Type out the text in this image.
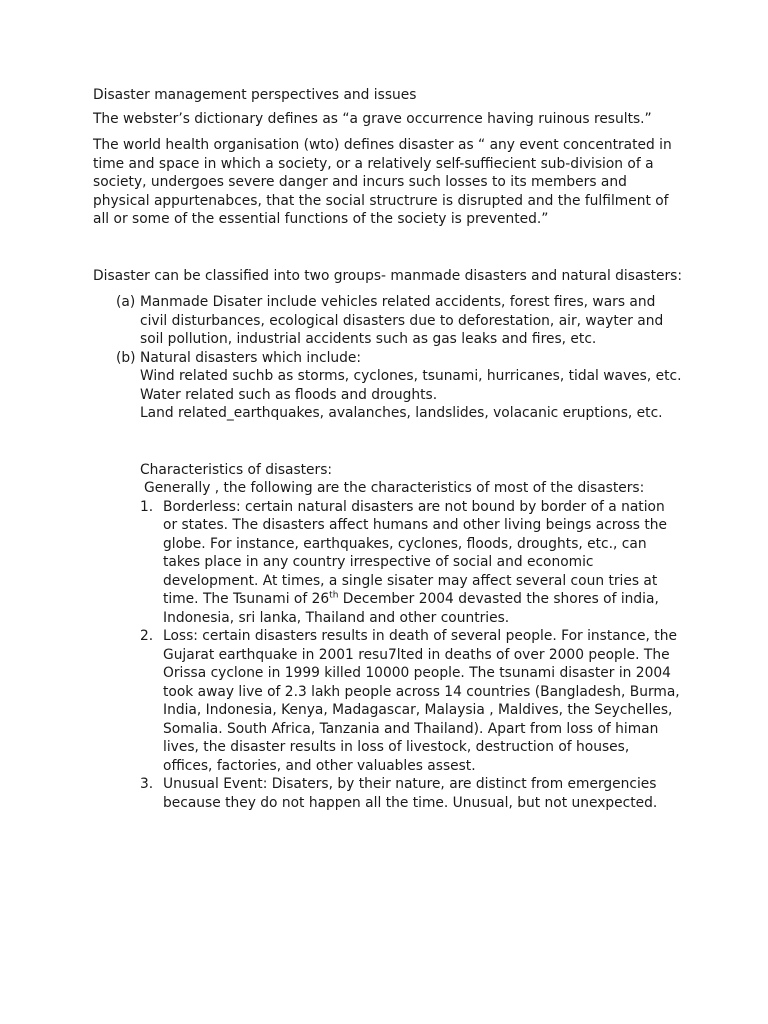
Disaster management perspectives and issues

The webster’s dictionary defines as “a grave occurrence having ruinous results.”

The world health organisation (wto) defines disaster as “ any event concentrated in time and space in which a society, or a relatively self-suffiecient sub-division of a society, undergoes severe danger and incurs such losses to its members and physical appurtenabces, that the social structrure is disrupted and the fulfilment of all or some of the essential functions of the society is prevented.”

Disaster can be classified into two groups- manmade disasters and natural disasters:

(a) Manmade Disater include vehicles related accidents, forest fires, wars and civil disturbances, ecological disasters due to deforestation, air, wayter and soil pollution, industrial accidents such as gas leaks and fires, etc.
(b) Natural disasters which include:
Wind related suchb as storms, cyclones, tsunami, hurricanes, tidal waves, etc.
Water related such as floods and droughts.
Land related_earthquakes, avalanches, landslides, volacanic eruptions, etc.
Characteristics of disasters:
Generally , the following are the characteristics of most of the disasters:
1. Borderless: certain natural disasters are not bound by border of a nation or states. The disasters affect humans and other living beings across the globe. For instance, earthquakes, cyclones, floods, droughts, etc., can takes place in any country irrespective of social and economic development. At times, a single sisater may affect several coun tries at time. The Tsunami of 26th December 2004 devasted the shores of india, Indonesia, sri lanka, Thailand and other countries.
2. Loss: certain disasters results in death of several people. For instance, the Gujarat earthquake in 2001 resu7lted in deaths of over 2000 people. The Orissa cyclone in 1999 killed 10000 people. The tsunami disaster in 2004 took away live of 2.3 lakh people across 14 countries (Bangladesh, Burma, India, Indonesia, Kenya, Madagascar, Malaysia , Maldives, the Seychelles, Somalia. South Africa, Tanzania and Thailand). Apart from loss of himan lives, the disaster results in loss of livestock, destruction of houses, offices, factories, and other valuables assest.
3. Unusual Event: Disaters, by their nature, are distinct from emergencies because they do not happen all the time. Unusual, but not unexpected.
